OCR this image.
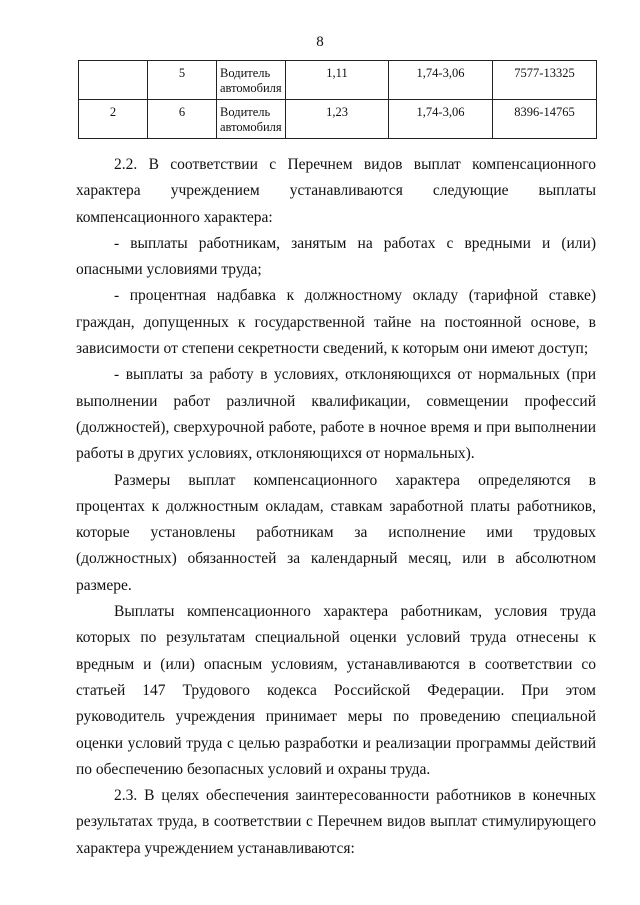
8

	5	Водитель автомобиля	1,11	1,74-3,06	7577-13325

2	6	Водитель автомобиля	1,23	1,74-3,06	8396-14765

2.2. В соответствии с Перечнем видов выплат компенсационного характера учреждением устанавливаются следующие выплаты компенсационного характера:

- выплаты работникам, занятым на работах с вредными и (или) опасными условиями труда;

- процентная надбавка к должностному окладу (тарифной ставке) граждан, допущенных к государственной тайне на постоянной основе, в зависимости от степени секретности сведений, к которым они имеют доступ;

- выплаты за работу в условиях, отклоняющихся от нормальных (при выполнении работ различной квалификации, совмещении профессий (должностей), сверхурочной работе, работе в ночное время и при выполнении работы в других условиях, отклоняющихся от нормальных).

Размеры выплат компенсационного характера определяются в процентах к должностным окладам, ставкам заработной платы работников, которые установлены работникам за исполнение ими трудовых (должностных) обязанностей за календарный месяц, или в абсолютном размере.

Выплаты компенсационного характера работникам, условия труда которых по результатам специальной оценки условий труда отнесены к вредным и (или) опасным условиям, устанавливаются в соответствии со статьей 147 Трудового кодекса Российской Федерации. При этом руководитель учреждения принимает меры по проведению специальной оценки условий труда с целью разработки и реализации программы действий по обеспечению безопасных условий и охраны труда.

2.3. В целях обеспечения заинтересованности работников в конечных результатах труда, в соответствии с Перечнем видов выплат стимулирующего характера учреждением устанавливаются:
